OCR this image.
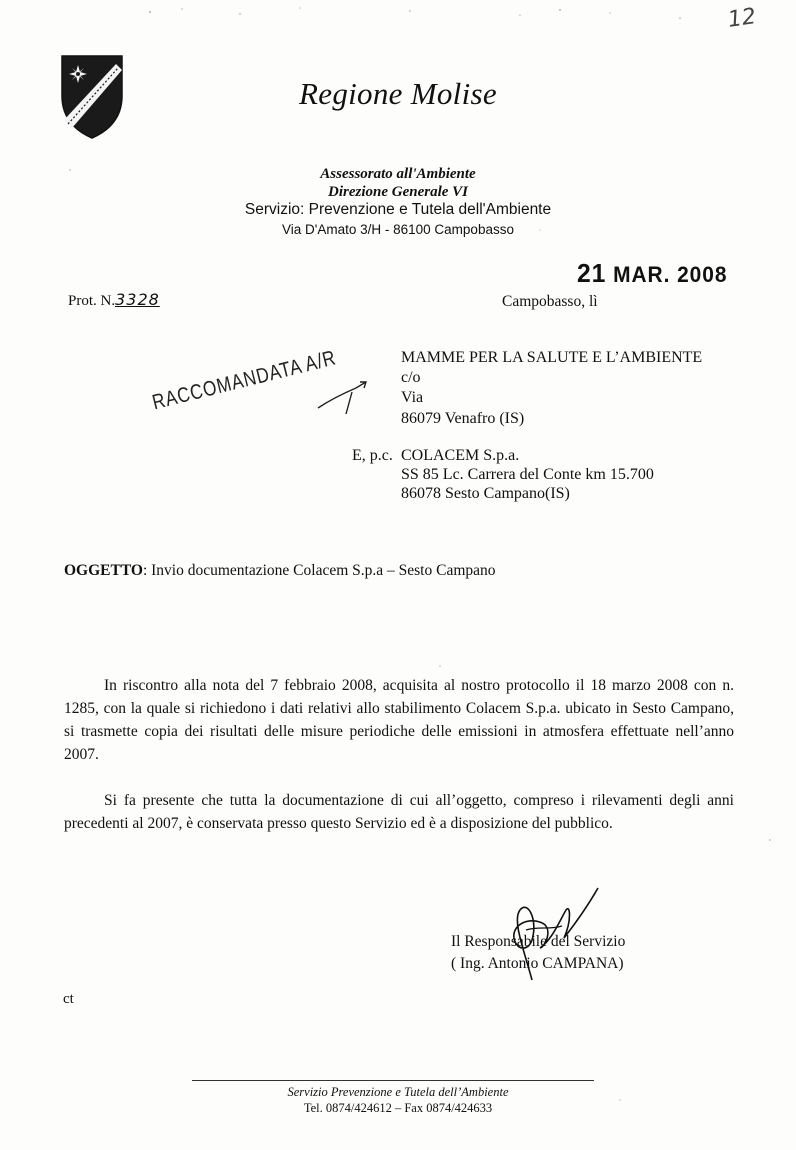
12
Regione Molise
Assessorato all'Ambiente
Direzione Generale VI
Servizio: Prevenzione e Tutela dell'Ambiente
Via D'Amato 3/H - 86100 Campobasso
21 MAR. 2008
Prot. N.3328	Campobasso, lì
MAMME PER LA SALUTE E L’AMBIENTE
c/o
Via
86079 Venafro (IS)
RACCOMANDATA A/R
E, p.c. COLACEM S.p.a.
SS 85 Lc. Carrera del Conte km 15.700
86078 Sesto Campano(IS)
OGGETTO: Invio documentazione Colacem S.p.a – Sesto Campano
In riscontro alla nota del 7 febbraio 2008, acquisita al nostro protocollo il 18 marzo 2008 con n. 1285, con la quale si richiedono i dati relativi allo stabilimento Colacem S.p.a. ubicato in Sesto Campano, si trasmette copia dei risultati delle misure periodiche delle emissioni in atmosfera effettuate nell’anno 2007.
Si fa presente che tutta la documentazione di cui all’oggetto, compreso i rilevamenti degli anni precedenti al 2007, è conservata presso questo Servizio ed è a disposizione del pubblico.
Il Responsabile del Servizio
( Ing. Antonio CAMPANA)
ct
Servizio Prevenzione e Tutela dell’Ambiente
Tel. 0874/424612 – Fax 0874/424633
